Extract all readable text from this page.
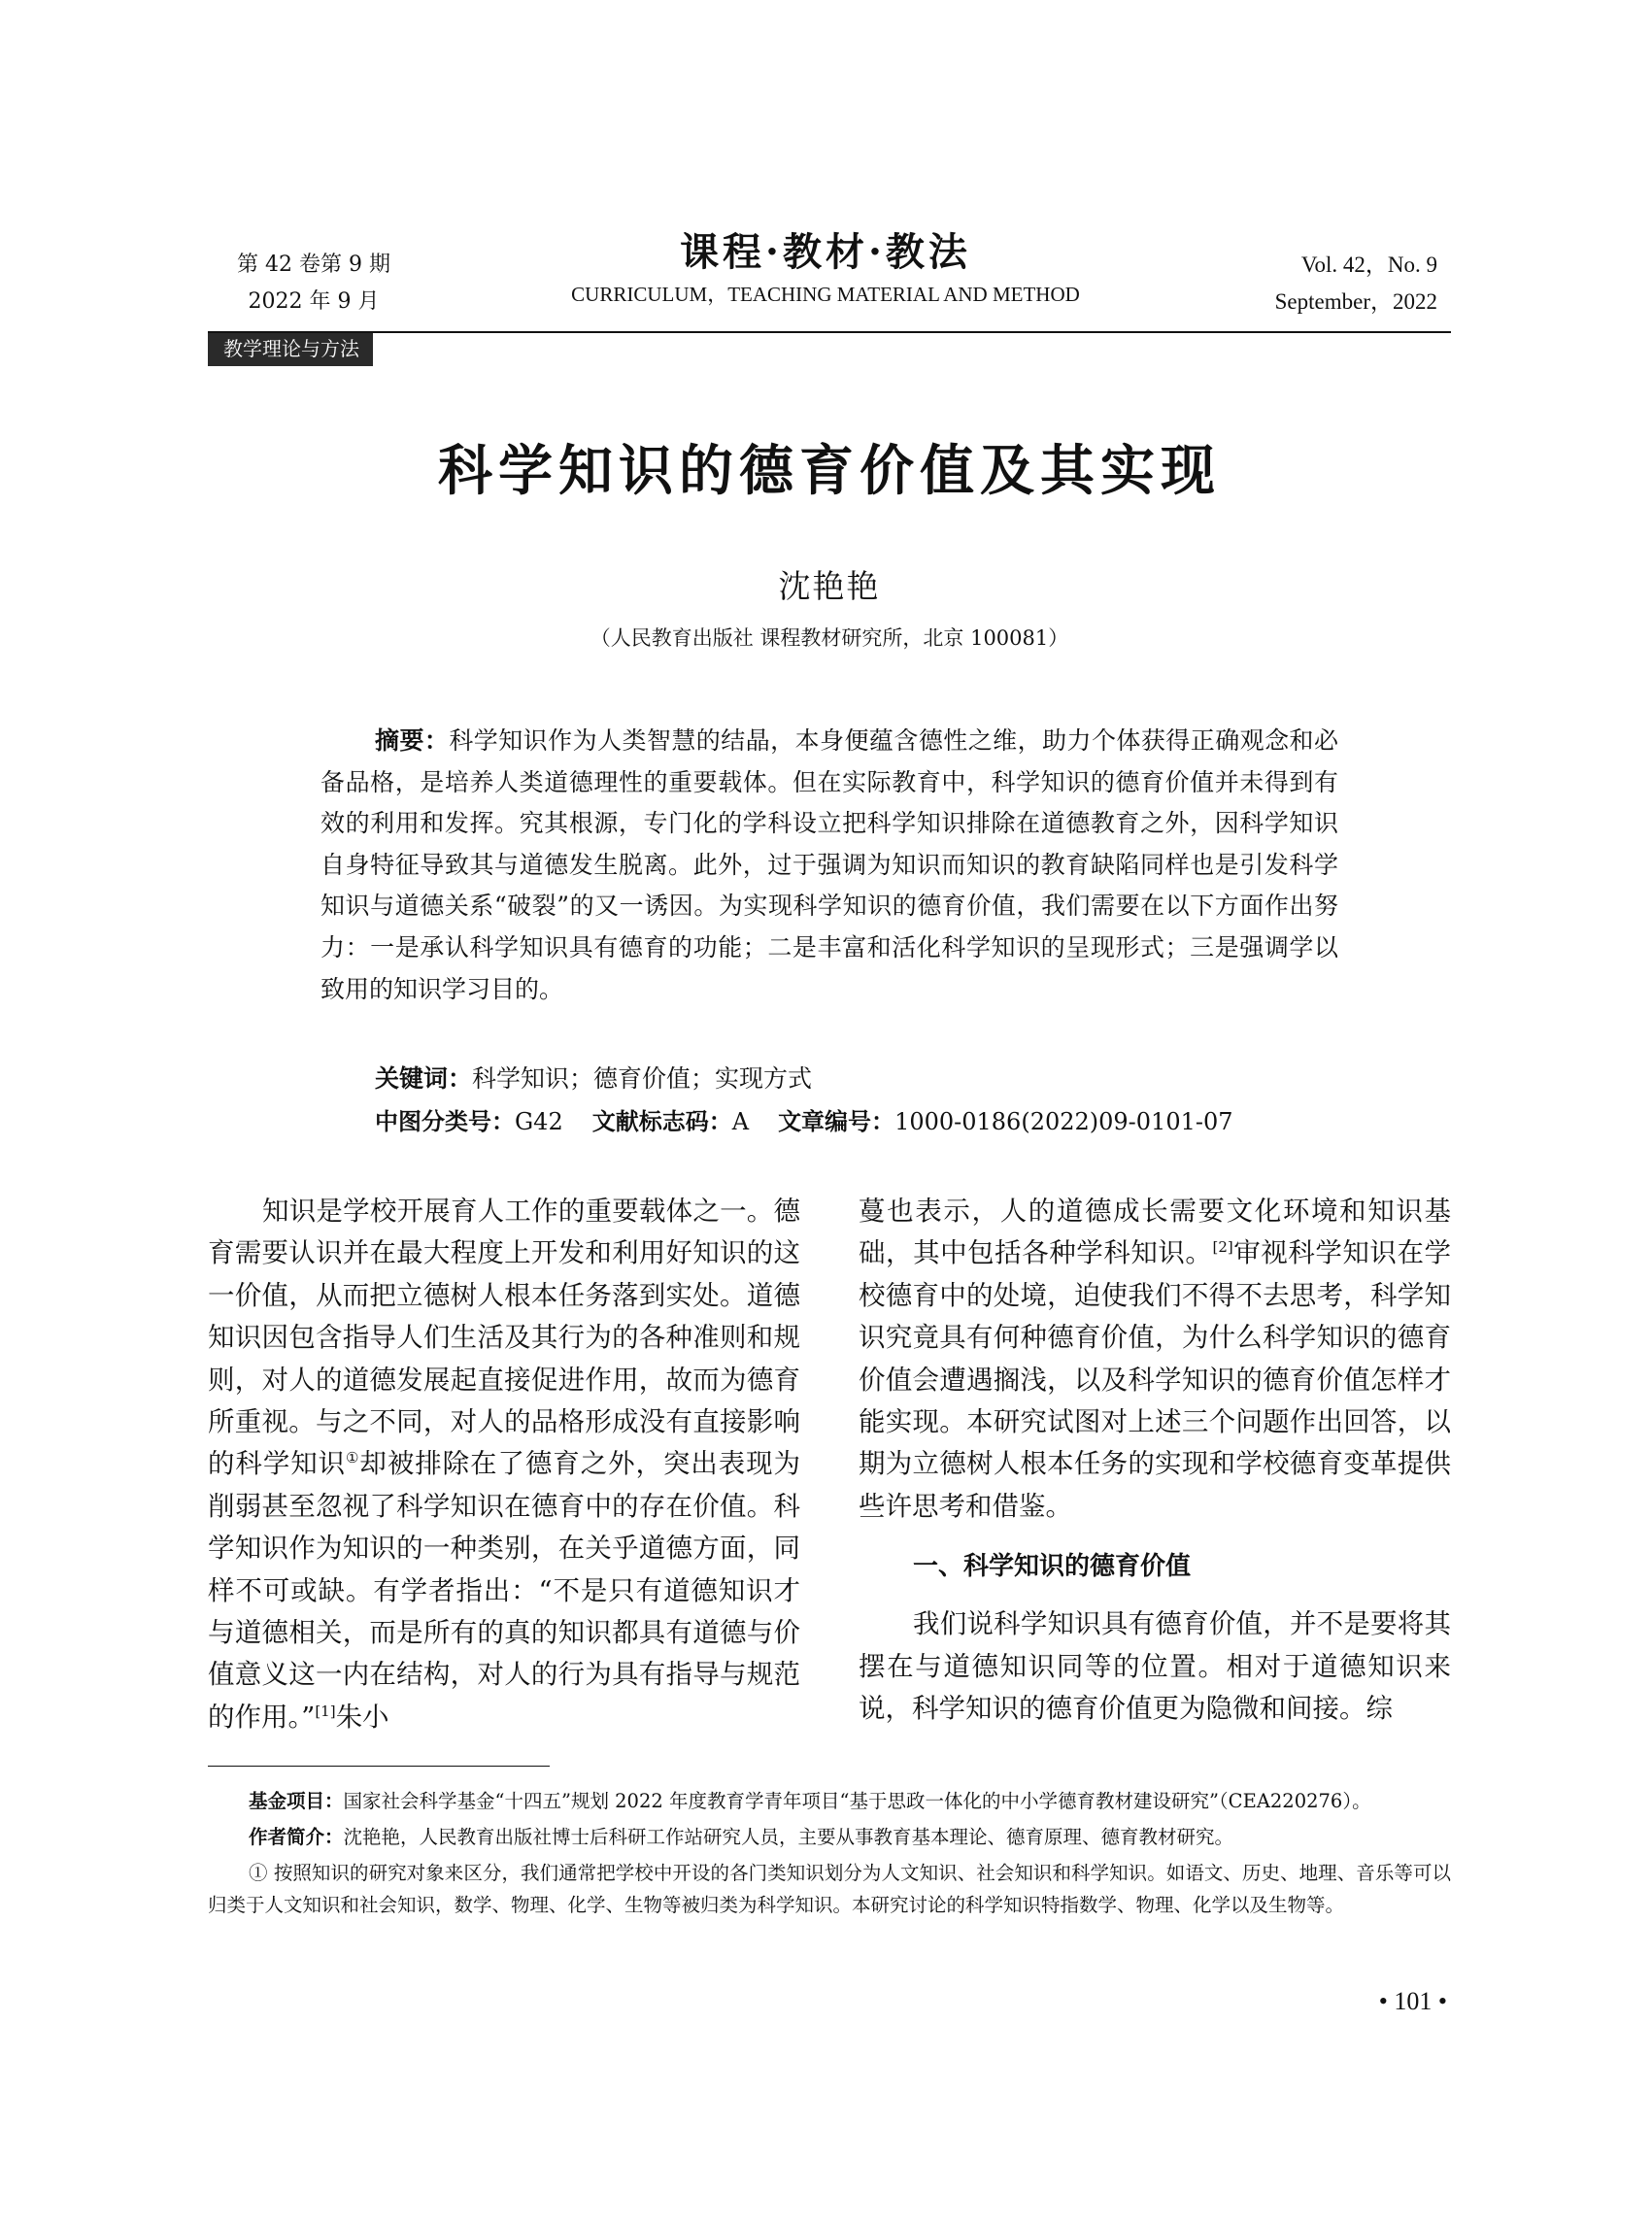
第 42 卷第 9 期
2022 年 9 月
课程·教材·教法
CURRICULUM，TEACHING MATERIAL AND METHOD
Vol. 42，No. 9
September，2022
教学理论与方法
科学知识的德育价值及其实现
沈艳艳
（人民教育出版社 课程教材研究所，北京 100081）

摘要：科学知识作为人类智慧的结晶，本身便蕴含德性之维，助力个体获得正确观念和必备品格，是培养人类道德理性的重要载体。但在实际教育中，科学知识的德育价值并未得到有效的利用和发挥。究其根源，专门化的学科设立把科学知识排除在道德教育之外，因科学知识自身特征导致其与道德发生脱离。此外，过于强调为知识而知识的教育缺陷同样也是引发科学知识与道德关系“破裂”的又一诱因。为实现科学知识的德育价值，我们需要在以下方面作出努力：一是承认科学知识具有德育的功能；二是丰富和活化科学知识的呈现形式；三是强调学以致用的知识学习目的。

关键词：科学知识；德育价值；实现方式
中图分类号：G42 文献标志码：A 文章编号：1000-0186(2022)09-0101-07

知识是学校开展育人工作的重要载体之一。德育需要认识并在最大程度上开发和利用好知识的这一价值，从而把立德树人根本任务落到实处。道德知识因包含指导人们生活及其行为的各种准则和规则，对人的道德发展起直接促进作用，故而为德育所重视。与之不同，对人的品格形成没有直接影响的科学知识①却被排除在了德育之外，突出表现为削弱甚至忽视了科学知识在德育中的存在价值。科学知识作为知识的一种类别，在关乎道德方面，同样不可或缺。有学者指出：“不是只有道德知识才与道德相关，而是所有的真的知识都具有道德与价值意义这一内在结构，对人的行为具有指导与规范的作用。”[1]朱小

蔓也表示，人的道德成长需要文化环境和知识基础，其中包括各种学科知识。[2]审视科学知识在学校德育中的处境，迫使我们不得不去思考，科学知识究竟具有何种德育价值，为什么科学知识的德育价值会遭遇搁浅，以及科学知识的德育价值怎样才能实现。本研究试图对上述三个问题作出回答，以期为立德树人根本任务的实现和学校德育变革提供些许思考和借鉴。

一、科学知识的德育价值

我们说科学知识具有德育价值，并不是要将其摆在与道德知识同等的位置。相对于道德知识来说，科学知识的德育价值更为隐微和间接。综

基金项目：国家社会科学基金“十四五”规划 2022 年度教育学青年项目“基于思政一体化的中小学德育教材建设研究”（CEA220276）。

作者简介：沈艳艳，人民教育出版社博士后科研工作站研究人员，主要从事教育基本理论、德育原理、德育教材研究。

① 按照知识的研究对象来区分，我们通常把学校中开设的各门类知识划分为人文知识、社会知识和科学知识。如语文、历史、地理、音乐等可以归类于人文知识和社会知识，数学、物理、化学、生物等被归类为科学知识。本研究讨论的科学知识特指数学、物理、化学以及生物等。

• 101 •
